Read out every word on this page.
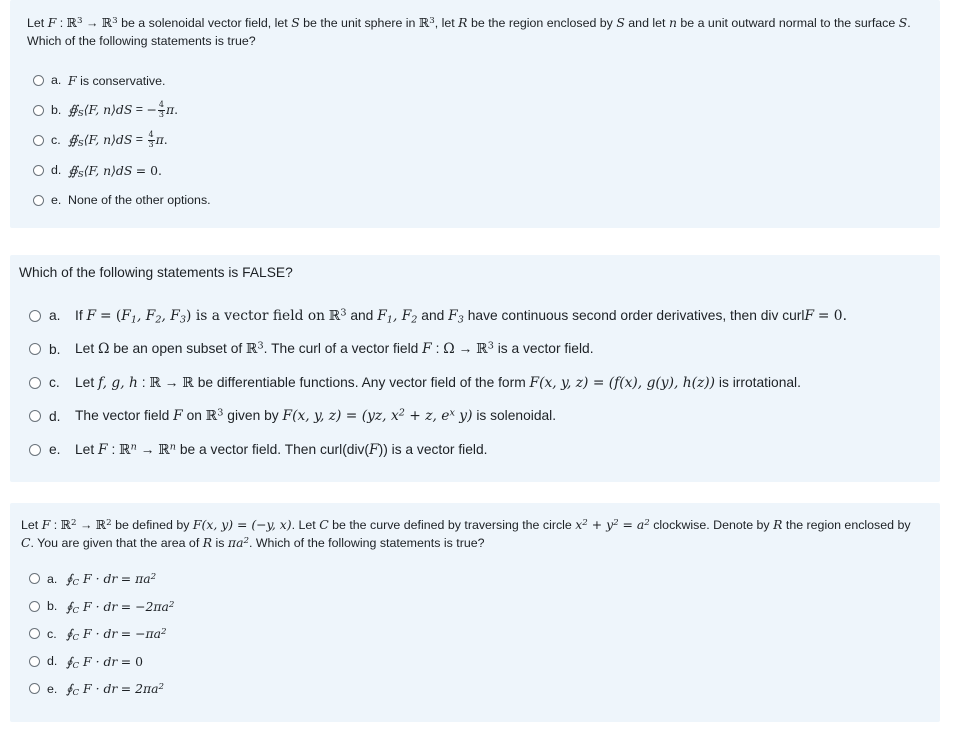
Let F : ℝ$^3$ → ℝ$^3$ be a solenoidal vector field, let S be the unit sphere in ℝ$^3$, let R be the region enclosed by S and let n be a unit outward normal to the surface S. Which of the following statements is true?

a. F is conservative.
b. ∯S⟨F, n⟩dS = − $\frac{4}{3} \pi$.
c. ∯S⟨F, n⟩dS = $\frac{4}{3} \pi$.
d. ∯S⟨F, n⟩dS = 0.
e. None of the other options.

Which of the following statements is FALSE?

a.	If F = (F1, F2, F3) is a vector field on ℝ$^3$ and F1, F2 and F3 have continuous second order derivatives, then div curlF = 0.
b.	Let Ω be an open subset of ℝ$^3$. The curl of a vector field F : Ω → ℝ$^3$ is a vector field.
c.	Let f, g, h : ℝ → ℝ be differentiable functions. Any vector field of the form F(x, y, z) = (f(x), g(y), h(z)) is irrotational.
d.	The vector field F on ℝ$^3$ given by F(x, y, z) = (yz, $x^2 + z$, $e^x$ y) is solenoidal.
e.	Let F : ℝ$^n$ → ℝ$^n$ be a vector field. Then curl(div(F)) is a vector field.

Let F : ℝ$^2$ → ℝ$^2$ be defined by F(x, y) = (−y, x). Let C be the curve defined by traversing the circle $x^2 + y^2 = a^2$ clockwise. Denote by R the region enclosed by C. You are given that the area of R is $\pi a^2$. Which of the following statements is true?

a. ∮C F · dr = $\pi a^2$
b. ∮C F · dr = $-2\pi a^2$
c. ∮C F · dr = $-\pi a^2$
d. ∮C F · dr = 0
e. ∮C F · dr = $2\pi a^2$
